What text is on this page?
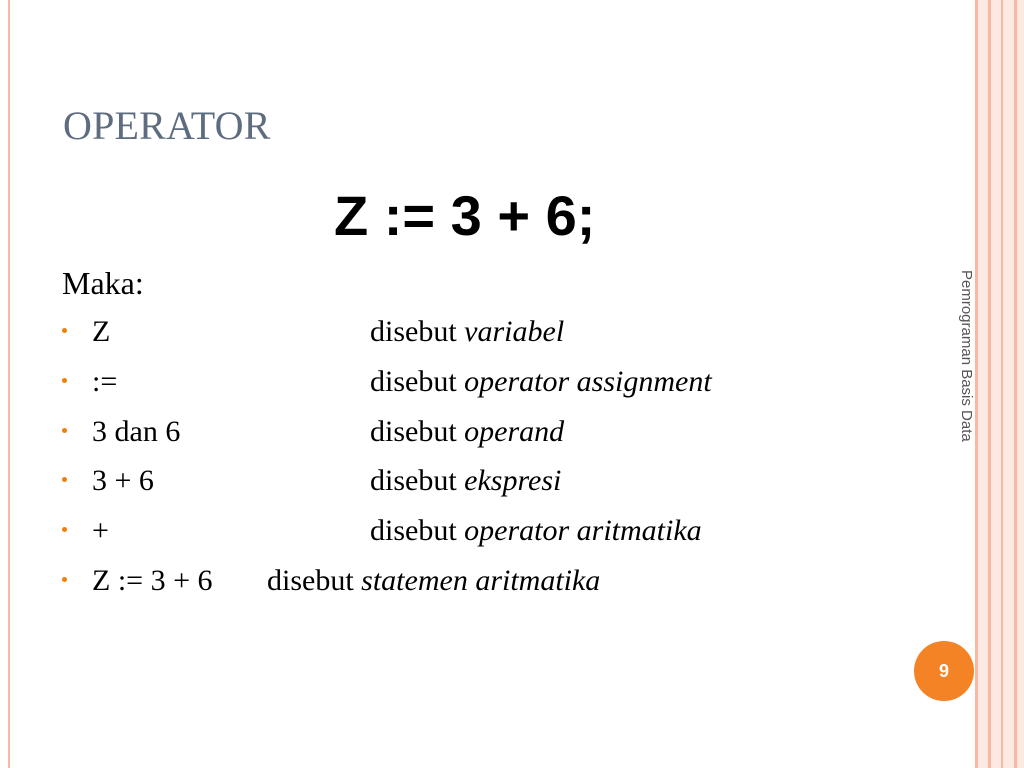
OPERATOR
Z := 3 + 6;
Maka:
Z	disebut variabel
:=	disebut operator assignment
3 dan 6	disebut operand
3 + 6	disebut ekspresi
+	disebut operator aritmatika
Z := 3 + 6 disebut statemen aritmatika
Pemrograman Basis Data
9
